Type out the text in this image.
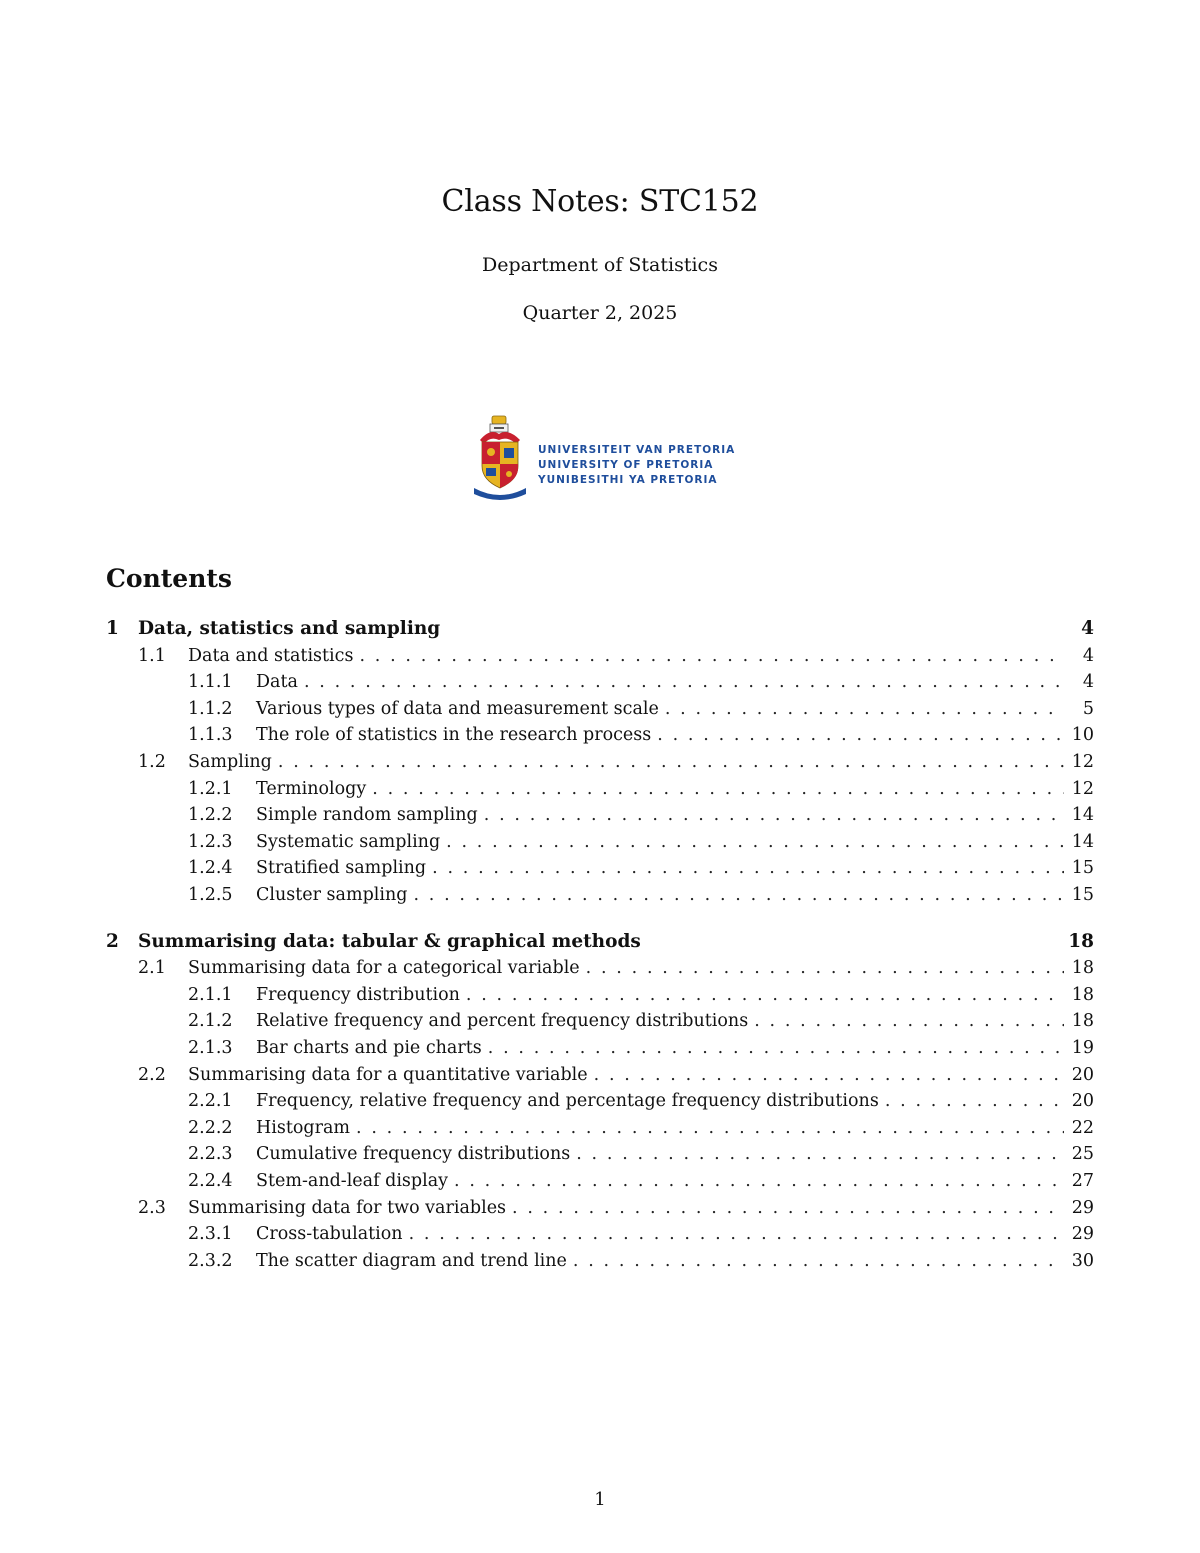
Class Notes: STC152
Department of Statistics
Quarter 2, 2025
UNIVERSITEIT VAN PRETORIA
UNIVERSITY OF PRETORIA
YUNIBESITHI YA PRETORIA
Contents
1	Data, statistics and sampling	4
1.1	Data and statistics . . .	4
1.1.1	Data . . .	4
1.1.2	Various types of data and measurement scale . . .	5
1.1.3	The role of statistics in the research process . . .	10
1.2	Sampling . . .	12
1.2.1	Terminology . . .	12
1.2.2	Simple random sampling . . .	14
1.2.3	Systematic sampling . . .	14
1.2.4	Stratified sampling . . .	15
1.2.5	Cluster sampling . . .	15
2	Summarising data: tabular & graphical methods	18
2.1	Summarising data for a categorical variable . . .	18
2.1.1	Frequency distribution . . .	18
2.1.2	Relative frequency and percent frequency distributions . . .	18
2.1.3	Bar charts and pie charts . . .	19
2.2	Summarising data for a quantitative variable . . .	20
2.2.1	Frequency, relative frequency and percentage frequency distributions . . .	20
2.2.2	Histogram . . .	22
2.2.3	Cumulative frequency distributions . . .	25
2.2.4	Stem-and-leaf display . . .	27
2.3	Summarising data for two variables . . .	29
2.3.1	Cross-tabulation . . .	29
2.3.2	The scatter diagram and trend line . . .	30
1
